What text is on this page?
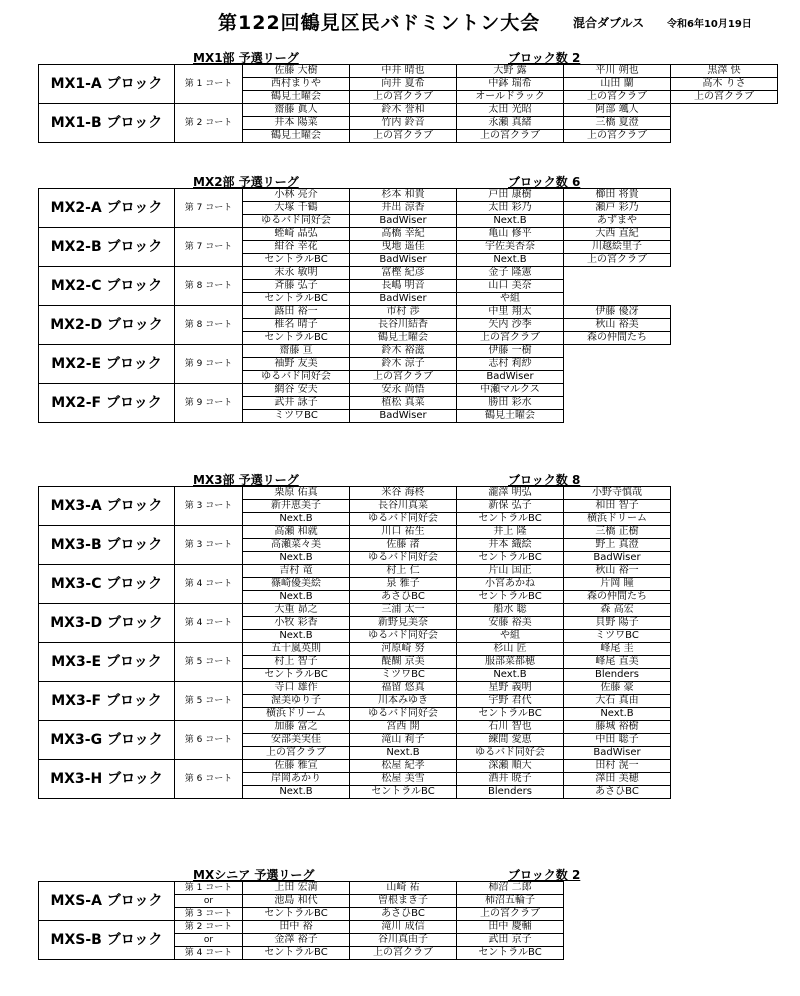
第122回鶴見区民バドミントン大会	混合ダブルス 令和6年10月19日
MX1部 予選リーグ	ブロック数 2
MX1-A ブロック	第 1 コート	佐藤 大樹	中井 晴也	大野 露	平川 朔也	黒澤 快
		西村まりや	向井 夏希	中鉢 瑞希	山田 蘭	高木 りさ
		鶴見土曜会	上の宮クラブ	オールドラック	上の宮クラブ	上の宮クラブ
MX1-B ブロック	第 2 コート	齋藤 眞人	鈴木 誉和	太田 光昭	阿部 颯人	
		井本 陽菜	竹内 鈴音	永瀬 真緒	三橋 夏澄	
		鶴見土曜会	上の宮クラブ	上の宮クラブ	上の宮クラブ	
MX2部 予選リーグ	ブロック数 6
MX2-A ブロック	第 7 コート	小林 亮介	杉本 和貴	戸田 康樹	櫛田 将貴
		大塚 千鶴	井出 涼香	太田 彩乃	瀬戸 彩乃
		ゆるバド同好会	BadWiser	Next.B	あずまや
MX2-B ブロック	第 7 コート	蛭崎 晶弘	高橋 幸紀	亀山 修平	大西 直紀
		紺谷 幸花	曳地 遥佳	宇佐美杏奈	川越絵里子
		セントラルBC	BadWiser	Next.B	上の宮クラブ
MX2-C ブロック	第 8 コート	末永 敏明	富樫 紀彦	金子 隆憲	
		斉藤 弘子	長嶋 明音	山口 美奈	
		セントラルBC	BadWiser	や組	
MX2-D ブロック	第 8 コート	蕗田 裕一	市村 渉	中里 翔太	伊藤 優冴
		椎名 晴子	長谷川結香	矢内 沙季	秋山 裕美
		セントラルBC	鶴見土曜会	上の宮クラブ	森の仲間たち
MX2-E ブロック	第 9 コート	齋藤 亘	鈴木 裕滋	伊藤 一樹	
		袖野 友美	鈴木 涼子	志村 莉紗	
		ゆるバド同好会	上の宮クラブ	BadWiser	
MX2-F ブロック	第 9 コート	網谷 安夫	安永 尚悟	中瀬マルクス	
		武井 詠子	植松 真菜	勝田 彩水	
		ミツワBC	BadWiser	鶴見土曜会	
MX3部 予選リーグ	ブロック数 8
MX3-A ブロック	第 3 コート	栗原 佑真	米谷 海柊	瀧澤 明弘	小野寺慎哉
		新井恵美子	長谷川真菜	新保 弘子	和田 智子
		Next.B	ゆるバド同好会	セントラルBC	横浜ドリーム
MX3-B ブロック	第 3 コート	高瀬 和就	川口 祐生	井上 隆	三橋 正樹
		高瀬菜々美	佐藤 渚	井本 織絵	野上 真澄
		Next.B	ゆるバド同好会	セントラルBC	BadWiser
MX3-C ブロック	第 4 コート	吉村 竜	村上 仁	片山 国正	秋山 裕一
		篠崎優美絵	泉 雅子	小宮あかね	片岡 瞳
		Next.B	あさひBC	セントラルBC	森の仲間たち
MX3-D ブロック	第 4 コート	大重 昴之	三浦 太一	船水 聡	森 高宏
		小牧 彩香	新野見美奈	安藤 裕美	貝野 陽子
		Next.B	ゆるバド同好会	や組	ミツワBC
MX3-E ブロック	第 5 コート	五十嵐英則	河原崎 努	杉山 匠	峰尾 圭
		村上 智子	醍醐 京美	服部菜都穂	峰尾 直美
		セントラルBC	ミツワBC	Next.B	Blenders
MX3-F ブロック	第 5 コート	寺口 雄作	福留 悠真	星野 義明	佐藤 豪
		渥美ゆり子	川本みゆき	宇野 君代	大石 真由
		横浜ドリーム	ゆるバド同好会	セントラルBC	Next.B
MX3-G ブロック	第 6 コート	加藤 富之	宮西 開	石川 智也	藤城 裕樹
		安部美実佳	滝山 莉子	練間 愛恵	中田 聡子
		上の宮クラブ	Next.B	ゆるバド同好会	BadWiser
MX3-H ブロック	第 6 コート	佐藤 雅宣	松屋 紀孝	深瀬 順大	田村 滉一
		岸岡あかり	松屋 美雪	酒井 暁子	澤田 美穂
		Next.B	セントラルBC	Blenders	あさひBC
MXシニア 予選リーグ	ブロック数 2
MXS-A ブロック	第 1 コート	上田 宏満	山崎 祐	柿沼 二郎
	or	池島 和代	曽根まき子	柿沼五輪子
	第 3 コート	セントラルBC	あさひBC	上の宮クラブ
MXS-B ブロック	第 2 コート	田中 裕	滝川 成信	田中 慶輔
	or	金澤 裕子	谷川真由子	武田 京子
	第 4 コート	セントラルBC	上の宮クラブ	セントラルBC
